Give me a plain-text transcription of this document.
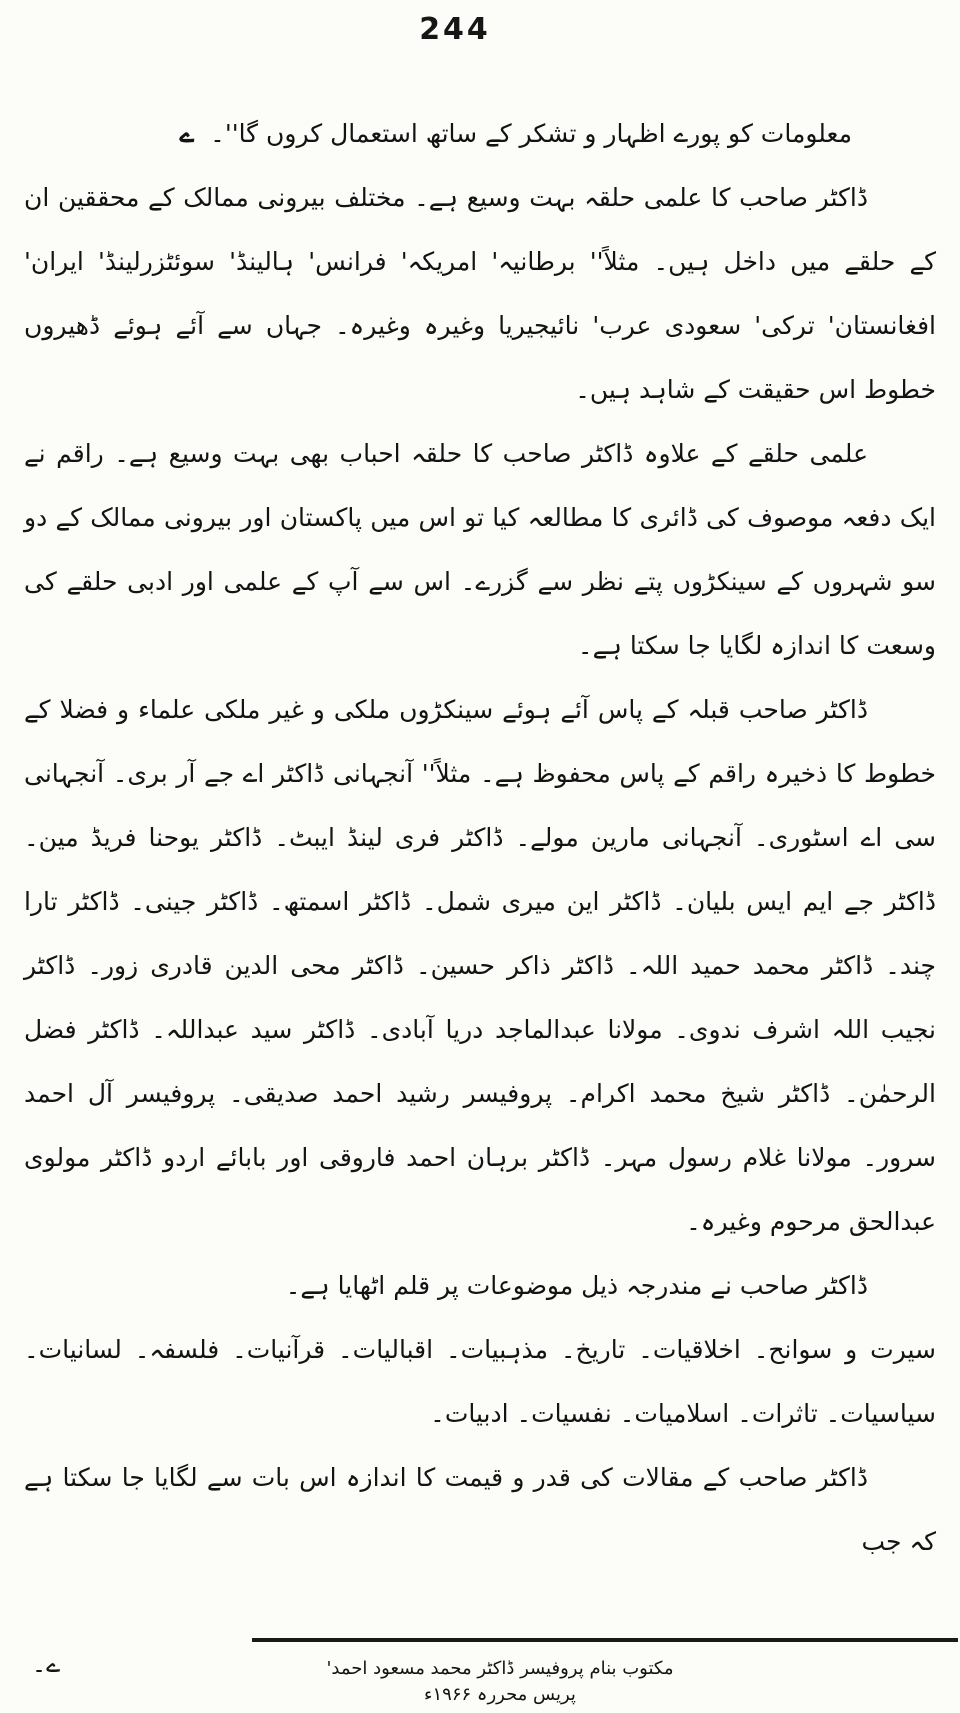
244

معلومات کو پورے اظہار و تشکر کے ساتھ استعمال کروں گا''۔ے

ڈاکٹر صاحب کا علمی حلقہ بہت وسیع ہے۔ مختلف بیرونی ممالک کے محققین ان کے حلقے میں داخل ہیں۔ مثلاً'' برطانیہ' امریکہ' فرانس' ہالینڈ' سوئٹزرلینڈ' ایران' افغانستان' ترکی' سعودی عرب' نائیجیریا وغیرہ وغیرہ۔ جہاں سے آئے ہوئے ڈھیروں خطوط اس حقیقت کے شاہد ہیں۔

علمی حلقے کے علاوہ ڈاکٹر صاحب کا حلقہ احباب بھی بہت وسیع ہے۔ راقم نے ایک دفعہ موصوف کی ڈائری کا مطالعہ کیا تو اس میں پاکستان اور بیرونی ممالک کے دو سو شہروں کے سینکڑوں پتے نظر سے گزرے۔ اس سے آپ کے علمی اور ادبی حلقے کی وسعت کا اندازہ لگایا جا سکتا ہے۔

ڈاکٹر صاحب قبلہ کے پاس آئے ہوئے سینکڑوں ملکی و غیر ملکی علماء و فضلا کے خطوط کا ذخیرہ راقم کے پاس محفوظ ہے۔ مثلاً'' آنجہانی ڈاکٹر اے جے آر بری۔ آنجہانی سی اے اسٹوری۔ آنجہانی مارین مولے۔ ڈاکٹر فری لینڈ ایبٹ۔ ڈاکٹر یوحنا فریڈ مین۔ ڈاکٹر جے ایم ایس بلیان۔ ڈاکٹر این میری شمل۔ ڈاکٹر اسمتھ۔ ڈاکٹر جینی۔ ڈاکٹر تارا چند۔ ڈاکٹر محمد حمید اللہ۔ ڈاکٹر ذاکر حسین۔ ڈاکٹر محی الدین قادری زور۔ ڈاکٹر نجیب اللہ اشرف ندوی۔ مولانا عبدالماجد دریا آبادی۔ ڈاکٹر سید عبداللہ۔ ڈاکٹر فضل الرحمٰن۔ ڈاکٹر شیخ محمد اکرام۔ پروفیسر رشید احمد صدیقی۔ پروفیسر آل احمد سرور۔ مولانا غلام رسول مہر۔ ڈاکٹر برہان احمد فاروقی اور بابائے اردو ڈاکٹر مولوی عبدالحق مرحوم وغیرہ۔

ڈاکٹر صاحب نے مندرجہ ذیل موضوعات پر قلم اٹھایا ہے۔

سیرت و سوانح۔ اخلاقیات۔ تاریخ۔ مذہبیات۔ اقبالیات۔ قرآنیات۔ فلسفہ۔ لسانیات۔ سیاسیات۔ تاثرات۔ اسلامیات۔ نفسیات۔ ادبیات۔

ڈاکٹر صاحب کے مقالات کی قدر و قیمت کا اندازہ اس بات سے لگایا جا سکتا ہے کہ جب

ے۔	مکتوب بنام پروفیسر ڈاکٹر محمد مسعود احمد' پریس محررہ ۱۹۶۶ء
